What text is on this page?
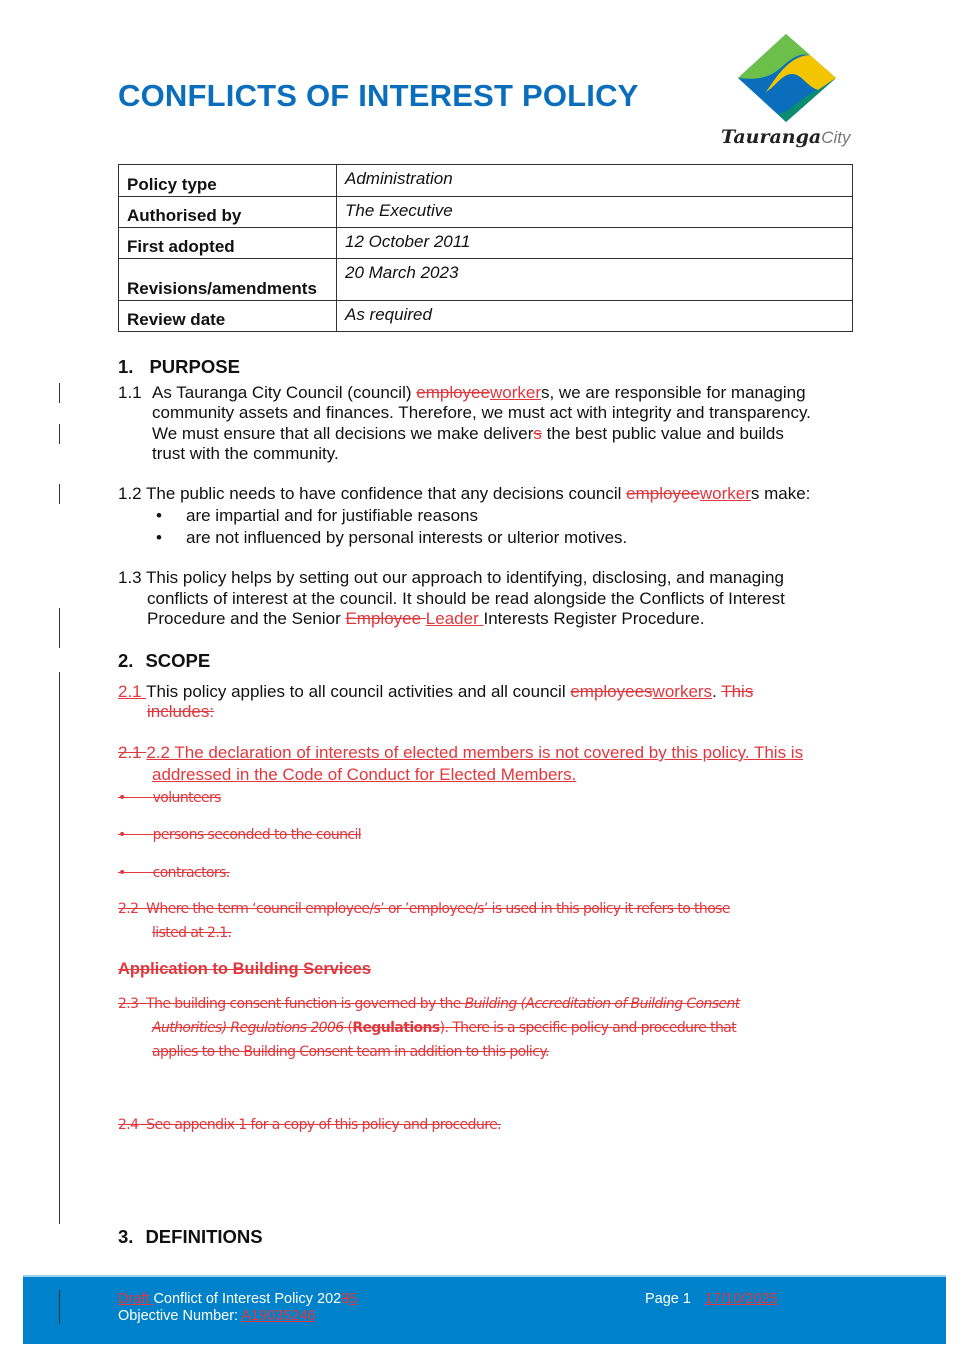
CONFLICTS OF INTEREST POLICY
TaurangaCity
Policy type	Administration
Authorised by	The Executive
First adopted	12 October 2011
Revisions/amendments	20 March 2023
Review date	As required
1. PURPOSE
1.1 As Tauranga City Council (council) employeeworkers, we are responsible for managing
community assets and finances. Therefore, we must act with integrity and transparency.
We must ensure that all decisions we make delivers the best public value and builds
trust with the community.
1.2 The public needs to have confidence that any decisions council employeeworkers make:
• are impartial and for justifiable reasons
• are not influenced by personal interests or ulterior motives.
1.3 This policy helps by setting out our approach to identifying, disclosing, and managing
conflicts of interest at the council. It should be read alongside the Conflicts of Interest
Procedure and the Senior Employee Leader Interests Register Procedure.
2. SCOPE
2.1 This policy applies to all council activities and all council employeesworkers. This
includes:
2.1 2.2 The declaration of interests of elected members is not covered by this policy. This is
addressed in the Code of Conduct for Elected Members.
•       volunteers
•       persons seconded to the council
•       contractors.
2.2 Where the term ‘council employee/s’ or ’employee/s’ is used in this policy it refers to those
listed at 2.1.
Application to Building Services
2.3 The building consent function is governed by the Building (Accreditation of Building Consent
Authorities) Regulations 2006 (Regulations). There is a specific policy and procedure that
applies to the Building Consent team in addition to this policy.
2.4 See appendix 1 for a copy of this policy and procedure.
3. DEFINITIONS
Draft Conflict of Interest Policy 20235
Objective Number: A19035246
Page 1 17/10/2025
